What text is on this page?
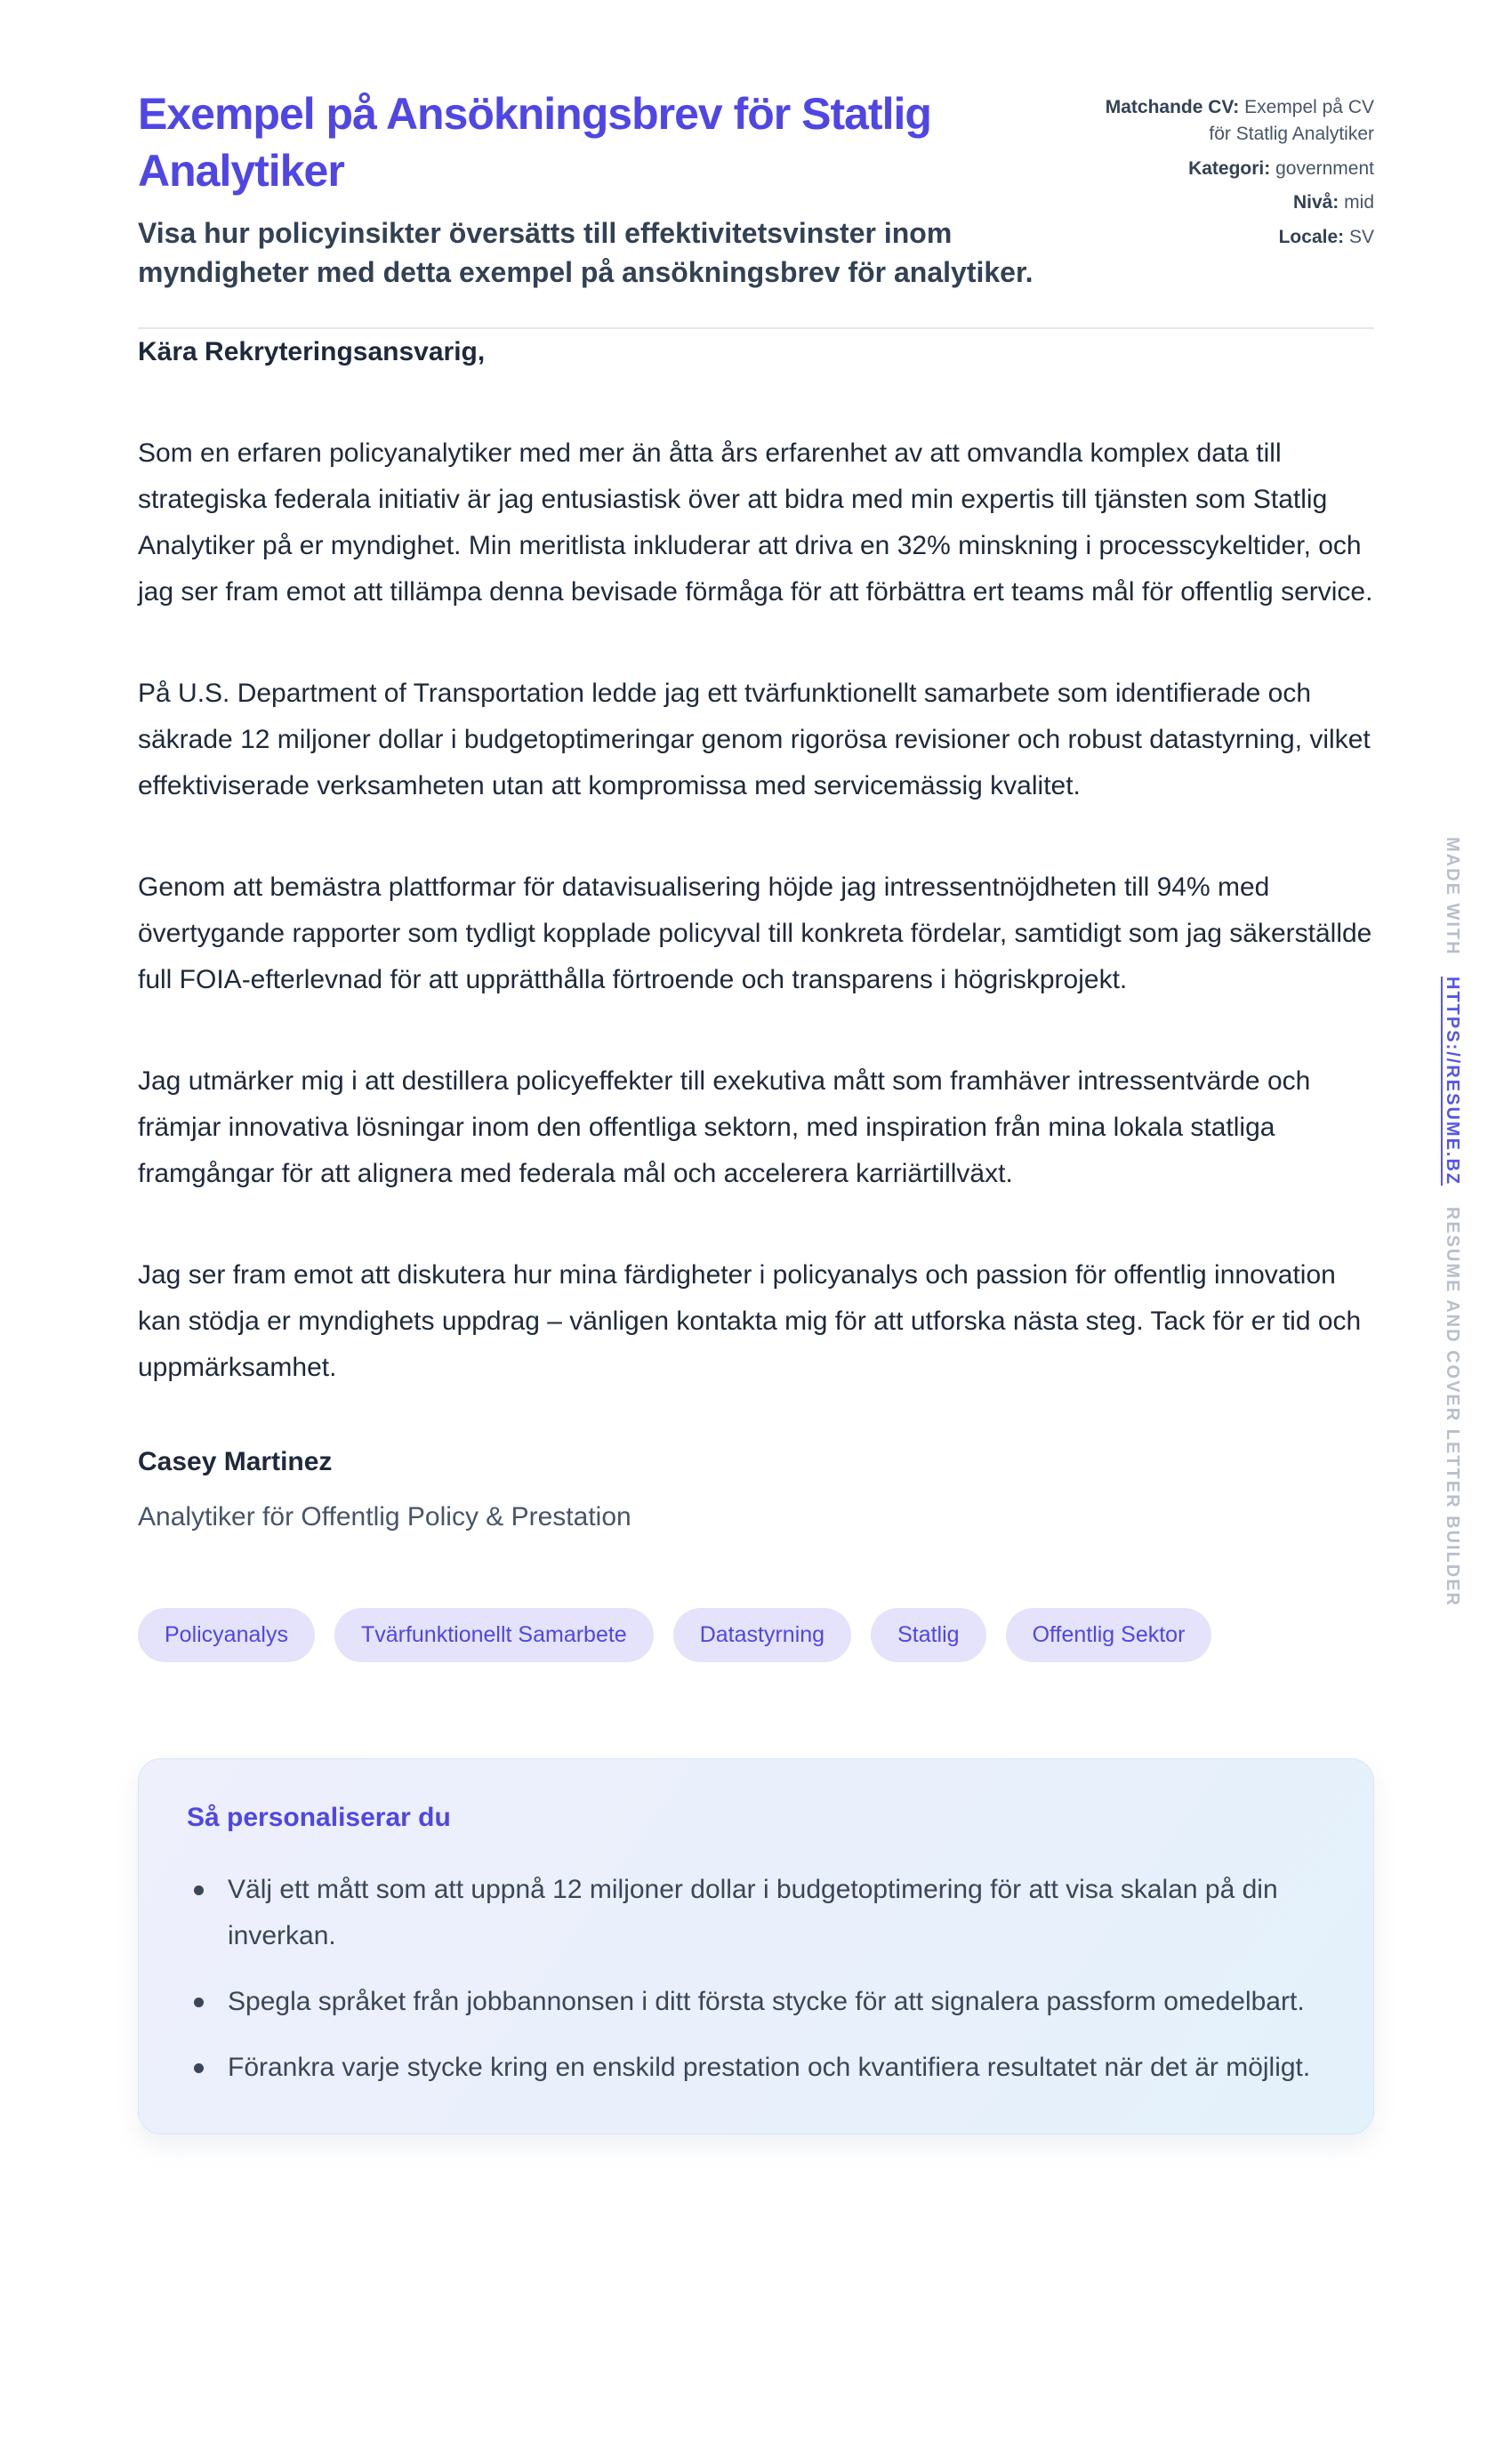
Exempel på Ansökningsbrev för Statlig Analytiker

Visa hur policyinsikter översätts till effektivitetsvinster inom myndigheter med detta exempel på ansökningsbrev för analytiker.

Matchande CV: Exempel på CV för Statlig Analytiker
Kategori: government
Nivå: mid
Locale: SV

Kära Rekryteringsansvarig,

Som en erfaren policyanalytiker med mer än åtta års erfarenhet av att omvandla komplex data till strategiska federala initiativ är jag entusiastisk över att bidra med min expertis till tjänsten som Statlig Analytiker på er myndighet. Min meritlista inkluderar att driva en 32% minskning i processcykeltider, och jag ser fram emot att tillämpa denna bevisade förmåga för att förbättra ert teams mål för offentlig service.

På U.S. Department of Transportation ledde jag ett tvärfunktionellt samarbete som identifierade och säkrade 12 miljoner dollar i budgetoptimeringar genom rigorösa revisioner och robust datastyrning, vilket effektiviserade verksamheten utan att kompromissa med servicemässig kvalitet.

Genom att bemästra plattformar för datavisualisering höjde jag intressentnöjdheten till 94% med övertygande rapporter som tydligt kopplade policyval till konkreta fördelar, samtidigt som jag säkerställde full FOIA-efterlevnad för att upprätthålla förtroende och transparens i högriskprojekt.

Jag utmärker mig i att destillera policyeffekter till exekutiva mått som framhäver intressentvärde och främjar innovativa lösningar inom den offentliga sektorn, med inspiration från mina lokala statliga framgångar för att alignera med federala mål och accelerera karriärtillväxt.

Jag ser fram emot att diskutera hur mina färdigheter i policyanalys och passion för offentlig innovation kan stödja er myndighets uppdrag – vänligen kontakta mig för att utforska nästa steg. Tack för er tid och uppmärksamhet.

Casey Martinez

Analytiker för Offentlig Policy & Prestation

Policyanalys	Tvärfunktionellt Samarbete	Datastyrning	Statlig	Offentlig Sektor
Så personaliserar du
Välj ett mått som att uppnå 12 miljoner dollar i budgetoptimering för att visa skalan på din inverkan.
Spegla språket från jobbannonsen i ditt första stycke för att signalera passform omedelbart.
Förankra varje stycke kring en enskild prestation och kvantifiera resultatet när det är möjligt.
MADE WITH HTTPS://RESUME.BZ RESUME AND COVER LETTER BUILDER
